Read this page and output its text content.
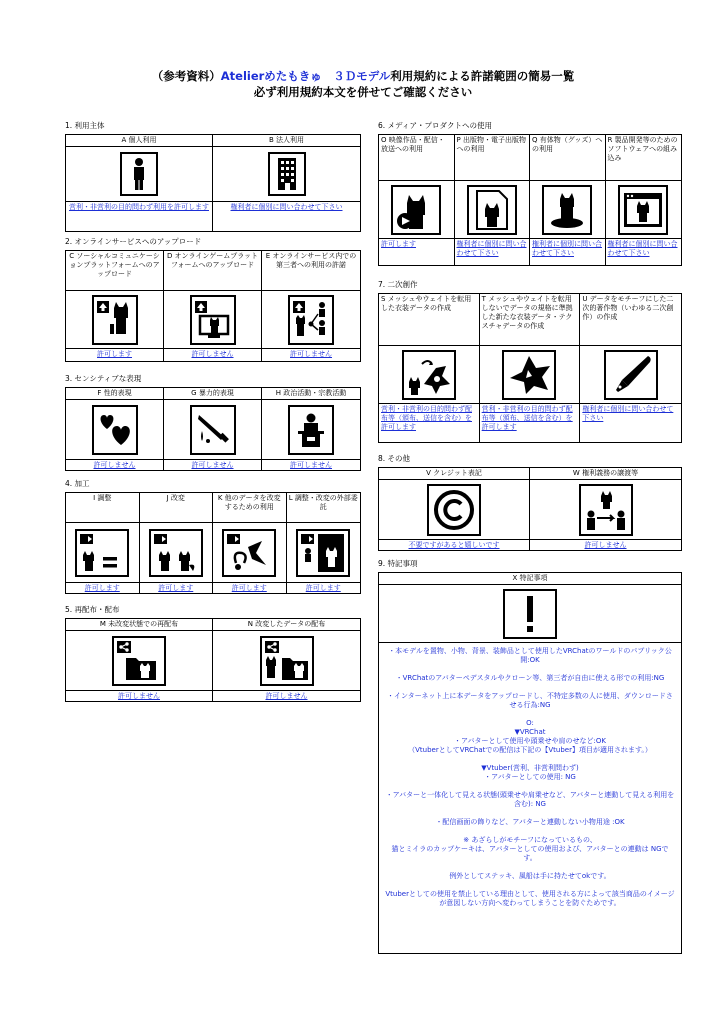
（参考資料）Atelierめたもきゅ　３Ｄモデル利用規約による許諾範囲の簡易一覧
必ず利用規約本文を併せてご確認ください
1. 利用主体
A 個人利用
営利・非営利の目的問わず利用を許可します
B 法人利用
権利者に個別に問い合わせて下さい
2. オンラインサービスへのアップロード
C ソーシャルコミュニケーションプラットフォームへのアップロード
許可します
D オンラインゲームプラットフォームへのアップロード
許可しません
E オンラインサービス内での第三者への利用の許諾
許可しません
3. センシティブな表現
F 性的表現
許可しません
G 暴力的表現
許可しません
H 政治活動・宗教活動
許可しません
4. 加工
I 調整
許可します
J 改変
許可します
K 他のデータを改変するための利用
許可します
L 調整・改変の外部委託
許可します
5. 再配布・配布
M 未改変状態での再配布
許可しません
N 改変したデータの配布
許可しません
6. メディア・プロダクトへの使用
O 映像作品・配信・放送への利用
許可します
P 出版物・電子出版物への利用
権利者に個別に問い合わせて下さい
Q 有体物（グッズ）への利用
権利者に個別に問い合わせて下さい
R 製品開発等のためのソフトウェアへの組み込み
権利者に個別に問い合わせて下さい
7. 二次創作
S メッシュやウェイトを転用した衣装データの作成
営利・非営利の目的問わず配布等（頒布、送信を含む）を許可します
T メッシュやウェイトを転用しないでデータの規格に準拠した新たな衣装データ・テクスチャデータの作成
営利・非営利の目的問わず配布等（頒布、送信を含む）を許可します
U データをモチーフにした二次的著作物（いわゆる二次創作）の作成
権利者に個別に問い合わせて下さい
8. その他
V クレジット表記
不要ですがあると嬉しいです
W 権利義務の譲渡等
許可しません
9. 特記事項
X 特記事項

・本モデルを置物、小物、背景、装飾品として使用したVRChatのワールドのパブリック公開:OK

・VRChatのアバターペデスタルやクローン等、第三者が自由に使える形での利用:NG

・インターネット上に本データをアップロードし、不特定多数の人に使用、ダウンロードさせる行為:NG

O:

▼VRChat

・アバターとして使用や頭乗せや肩のせなど:OK

（VtuberとしてVRChatでの配信は下記の【Vtuber】項目が適用されます。）

▼Vtuber(営利、非営利問わず)

・アバターとしての使用: NG

・アバターと一体化して見える状態(頭乗せや肩乗せなど、アバターと連動して見える利用を含む): NG

・配信画面の飾りなど、アバターと連動しない小物用途 :OK

※ あざらしがモチーフになっているもの、

猫とミイラのカップケーキは、アバターとしての使用および、アバターとの連動は NGです。

例外としてステッキ、風船は手に持たせてokです。

Vtuberとしての使用を禁止している理由として、使用される方によって該当商品のイメージが意図しない方向へ変わってしまうことを防ぐためです。
